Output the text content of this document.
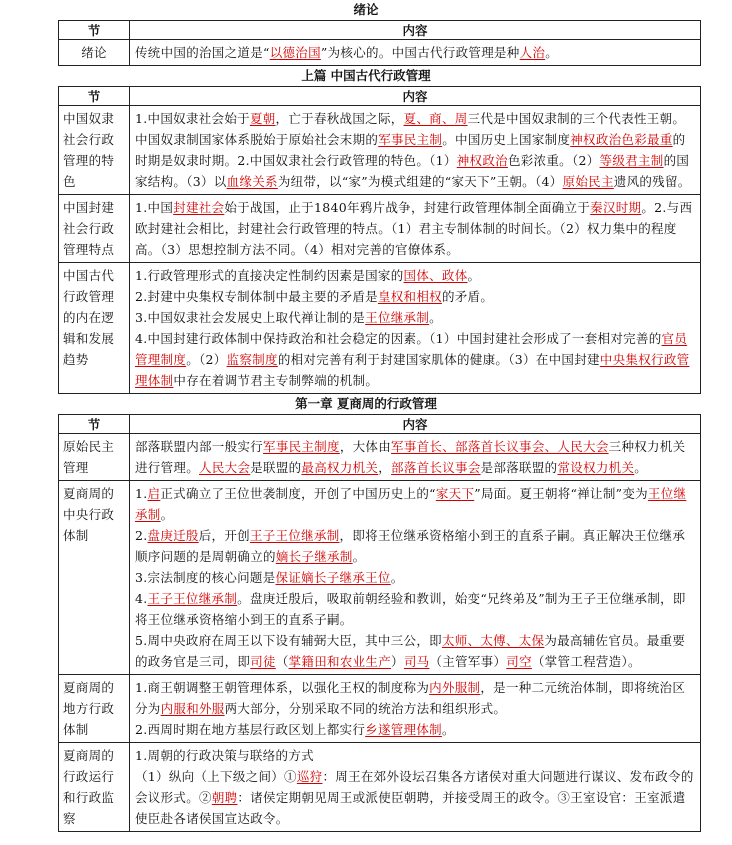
绪论
节	内容
绪论	传统中国的治国之道是“以德治国”为核心的。中国古代行政管理是种人治。
上篇 中国古代行政管理
节	内容
中国奴隶社会行政管理的特色	1.中国奴隶社会始于夏朝，亡于春秋战国之际，夏、商、周三代是中国奴隶制的三个代表性王朝。中国奴隶制国家体系脱始于原始社会末期的军事民主制。中国历史上国家制度神权政治色彩最重的时期是奴隶时期。2.中国奴隶社会行政管理的特色。（1）神权政治色彩浓重。（2）等级君主制的国家结构。（3）以血缘关系为纽带，以“家”为模式组建的“家天下”王朝。（4）原始民主遗风的残留。

中国封建社会行政管理特点	1.中国封建社会始于战国，止于1840年鸦片战争，封建行政管理体制全面确立于秦汉时期。2.与西欧封建社会相比，封建社会行政管理的特点。（1）君主专制体制的时间长。（2）权力集中的程度高。（3）思想控制方法不同。（4）相对完善的官僚体系。

中国古代行政管理的内在逻辑和发展趋势	1.行政管理形式的直接决定性制约因素是国家的国体、政体。
2.封建中央集权专制体制中最主要的矛盾是皇权和相权的矛盾。
3.中国奴隶社会发展史上取代禅让制的是王位继承制。
4.中国封建行政体制中保持政治和社会稳定的因素。（1）中国封建社会形成了一套相对完善的官员管理制度。（2）监察制度的相对完善有利于封建国家肌体的健康。（3）在中国封建中央集权行政管理体制中存在着调节君主专制弊端的机制。
第一章 夏商周的行政管理
节	内容
原始民主管理	部落联盟内部一般实行军事民主制度，大体由军事首长、部落首长议事会、人民大会三种权力机关进行管理。人民大会是联盟的最高权力机关，部落首长议事会是部落联盟的常设权力机关。

夏商周的中央行政体制	1.启正式确立了王位世袭制度，开创了中国历史上的“家天下”局面。夏王朝将“禅让制”变为王位继承制。
2.盘庚迁殷后，开创王子王位继承制，即将王位继承资格缩小到王的直系子嗣。真正解决王位继承顺序问题的是周朝确立的嫡长子继承制。
3.宗法制度的核心问题是保证嫡长子继承王位。
4.王子王位继承制。盘庚迁殷后，吸取前朝经验和教训，始变“兄终弟及”制为王子王位继承制，即将王位继承资格缩小到王的直系子嗣。
5.周中央政府在周王以下设有辅弼大臣，其中三公，即太师、太傅、太保为最高辅佐官员。最重要的政务官是三司，即司徒（掌籍田和农业生产）司马（主管军事）司空（掌管工程营造）。

夏商周的地方行政体制	1.商王朝调整王朝管理体系，以强化王权的制度称为内外服制，是一种二元统治体制，即将统治区分为内服和外服两大部分，分别采取不同的统治方法和组织形式。
2.西周时期在地方基层行政区划上都实行乡遂管理体制。

夏商周的行政运行和行政监察	1.周朝的行政决策与联络的方式
（1）纵向（上下级之间）①巡狩：周王在郊外设坛召集各方诸侯对重大问题进行谋议、发布政令的会议形式。②朝聘：诸侯定期朝见周王或派使臣朝聘，并接受周王的政令。③王室设官：王室派遣使臣赴各诸侯国宣达政令。
